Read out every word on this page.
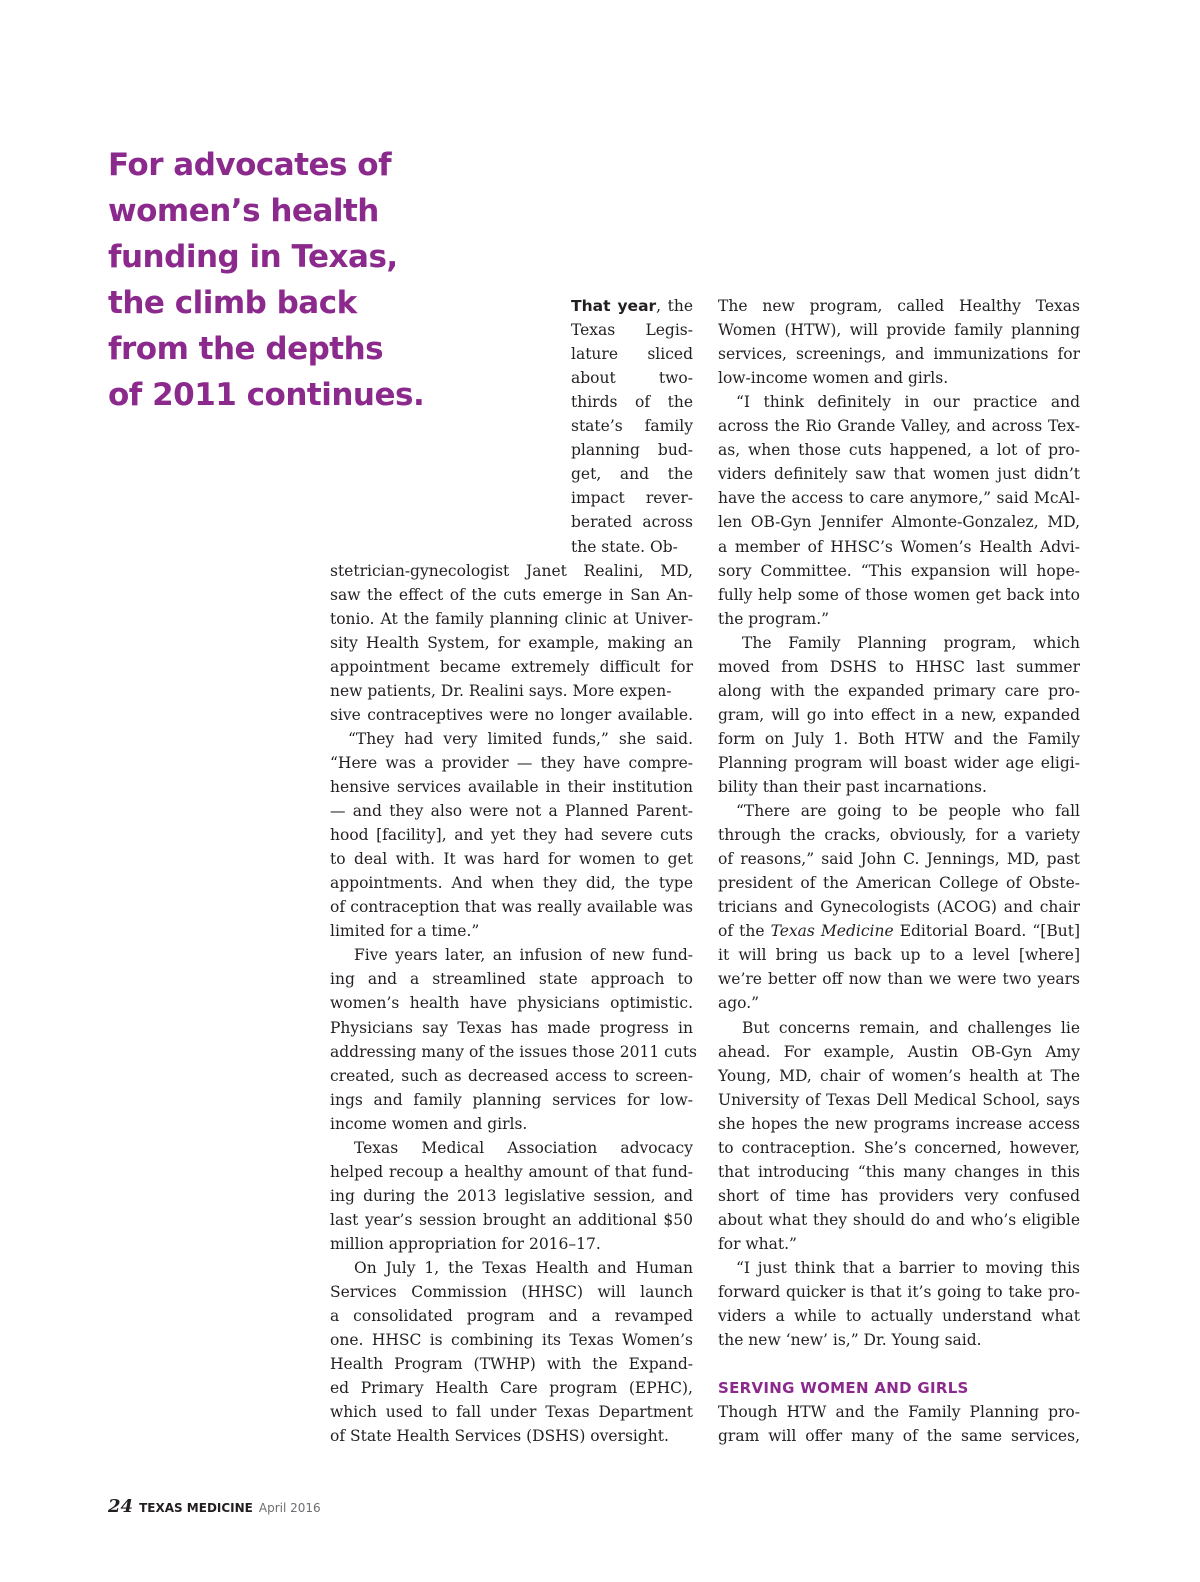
For advocates of
women’s health
funding in Texas,
the climb back
from the depths
of 2011 continues.

That year, the

Texas Legis-

lature sliced

about two-

thirds of the

state’s family

planning bud-

get, and the

impact rever-

berated across

the state. Ob-

stetrician-gynecologist Janet Realini, MD,

saw the effect of the cuts emerge in San An-

tonio. At the family planning clinic at Univer-

sity Health System, for example, making an

appointment became extremely difficult for

new patients, Dr. Realini says. More expen-

sive contraceptives were no longer available.

“They had very limited funds,” she said.

“Here was a provider — they have compre-

hensive services available in their institution

— and they also were not a Planned Parent-

hood [facility], and yet they had severe cuts

to deal with. It was hard for women to get

appointments. And when they did, the type

of contraception that was really available was

limited for a time.”

Five years later, an infusion of new fund-

ing and a streamlined state approach to

women’s health have physicians optimistic.

Physicians say Texas has made progress in

addressing many of the issues those 2011 cuts

created, such as decreased access to screen-

ings and family planning services for low-

income women and girls.

Texas Medical Association advocacy

helped recoup a healthy amount of that fund-

ing during the 2013 legislative session, and

last year’s session brought an additional $50

million appropriation for 2016–17.

On July 1, the Texas Health and Human

Services Commission (HHSC) will launch

a consolidated program and a revamped

one. HHSC is combining its Texas Women’s

Health Program (TWHP) with the Expand-

ed Primary Health Care program (EPHC),

which used to fall under Texas Department

of State Health Services (DSHS) oversight.

The new program, called Healthy Texas

Women (HTW), will provide family planning

services, screenings, and immunizations for

low-income women and girls.

“I think definitely in our practice and

across the Rio Grande Valley, and across Tex-

as, when those cuts happened, a lot of pro-

viders definitely saw that women just didn’t

have the access to care anymore,” said McAl-

len OB-Gyn Jennifer Almonte-Gonzalez, MD,

a member of HHSC’s Women’s Health Advi-

sory Committee. “This expansion will hope-

fully help some of those women get back into

the program.”

The Family Planning program, which

moved from DSHS to HHSC last summer

along with the expanded primary care pro-

gram, will go into effect in a new, expanded

form on July 1. Both HTW and the Family

Planning program will boast wider age eligi-

bility than their past incarnations.

“There are going to be people who fall

through the cracks, obviously, for a variety

of reasons,” said John C. Jennings, MD, past

president of the American College of Obste-

tricians and Gynecologists (ACOG) and chair

of the Texas Medicine Editorial Board. “[But]

it will bring us back up to a level [where]

we’re better off now than we were two years

ago.”

But concerns remain, and challenges lie

ahead. For example, Austin OB-Gyn Amy

Young, MD, chair of women’s health at The

University of Texas Dell Medical School, says

she hopes the new programs increase access

to contraception. She’s concerned, however,

that introducing “this many changes in this

short of time has providers very confused

about what they should do and who’s eligible

for what.”

“I just think that a barrier to moving this

forward quicker is that it’s going to take pro-

viders a while to actually understand what

the new ‘new’ is,” Dr. Young said.

Though HTW and the Family Planning pro-

gram will offer many of the same services,

SERVING WOMEN AND GIRLS
24 TEXAS MEDICINE April 2016
